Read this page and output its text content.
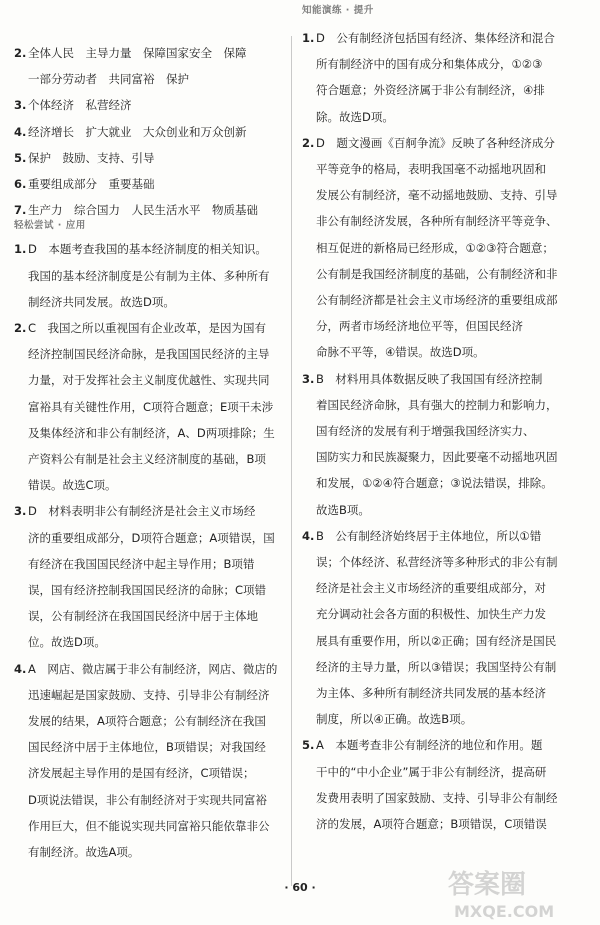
2. 全体人民　主导力量　保障国家安全　保障
一部分劳动者　共同富裕　保护
3. 个体经济　私营经济
4. 经济增长　扩大就业　大众创业和万众创新
5. 保护　鼓励、支持、引导
6. 重要组成部分　重要基础
7. 生产力　综合国力　人民生活水平　物质基础
轻松尝试 · 应用
1. D　本题考查我国的基本经济制度的相关知识。
我国的基本经济制度是公有制为主体、多种所有
制经济共同发展。故选D项。
2. C　我国之所以重视国有企业改革，是因为国有
经济控制国民经济命脉，是我国国民经济的主导
力量，对于发挥社会主义制度优越性、实现共同
富裕具有关键性作用，C项符合题意；E项干未涉
及集体经济和非公有制经济，A、D两项排除；生
产资料公有制是社会主义经济制度的基础，B项
错误。故选C项。
3. D　材料表明非公有制经济是社会主义市场经
济的重要组成部分，D项符合题意；A项错误，国
有经济在我国国民经济中起主导作用；B项错
误，国有经济控制我国国民经济的命脉；C项错
误，公有制经济在我国国民经济中居于主体地
位。故选D项。
4. A　网店、微店属于非公有制经济，网店、微店的
迅速崛起是国家鼓励、支持、引导非公有制经济
发展的结果，A项符合题意；公有制经济在我国
国民经济中居于主体地位，B项错误；对我国经
济发展起主导作用的是国有经济，C项错误；
D项说法错误，非公有制经济对于实现共同富裕
作用巨大，但不能说实现共同富裕只能依靠非公
有制经济。故选A项。
知能演练 · 提升
1. D　公有制经济包括国有经济、集体经济和混合
所有制经济中的国有成分和集体成分，①②③
符合题意；外资经济属于非公有制经济，④排
除。故选D项。
2. D　题文漫画《百舸争流》反映了各种经济成分
平等竞争的格局，表明我国毫不动摇地巩固和
发展公有制经济，毫不动摇地鼓励、支持、引导
非公有制经济发展，各种所有制经济平等竞争、
相互促进的新格局已经形成，①②③符合题意；
公有制是我国经济制度的基础，公有制经济和非
公有制经济都是社会主义市场经济的重要组成部
分，两者市场经济地位平等，但国民经济
命脉不平等，④错误。故选D项。
3. B　材料用具体数据反映了我国国有经济控制
着国民经济命脉，具有强大的控制力和影响力，
国有经济的发展有利于增强我国经济实力、
国防实力和民族凝聚力，因此要毫不动摇地巩固
和发展，①②④符合题意；③说法错误，排除。
故选B项。
4. B　公有制经济始终居于主体地位，所以①错
误；个体经济、私营经济等多种形式的非公有制
经济是社会主义市场经济的重要组成部分，对
充分调动社会各方面的积极性、加快生产力发
展具有重要作用，所以②正确；国有经济是国民
经济的主导力量，所以③错误；我国坚持公有制
为主体、多种所有制经济共同发展的基本经济
制度，所以④正确。故选B项。
5. A　本题考查非公有制经济的地位和作用。题
干中的“中小企业”属于非公有制经济，提高研
发费用表明了国家鼓励、支持、引导非公有制经
济的发展，A项符合题意；B项错误，C项错误
· 60 ·	答案圈
MXQE.COM
